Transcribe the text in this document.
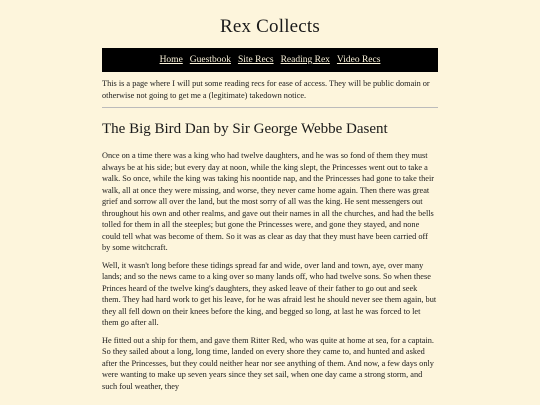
Rex Collects
Home Guestbook Site Recs Reading Rex Video Recs

This is a page where I will put some reading recs for ease of access. They will be public domain or otherwise not going to get me a (legitimate) takedown notice.

The Big Bird Dan by Sir George Webbe Dasent

Once on a time there was a king who had twelve daughters, and he was so fond of them they must always be at his side; but every day at noon, while the king slept, the Princesses went out to take a walk. So once, while the king was taking his noontide nap, and the Princesses had gone to take their walk, all at once they were missing, and worse, they never came home again. Then there was great grief and sorrow all over the land, but the most sorry of all was the king. He sent messengers out throughout his own and other realms, and gave out their names in all the churches, and had the bells tolled for them in all the steeples; but gone the Princesses were, and gone they stayed, and none could tell what was become of them. So it was as clear as day that they must have been carried off by some witchcraft.

Well, it wasn't long before these tidings spread far and wide, over land and town, aye, over many lands; and so the news came to a king over so many lands off, who had twelve sons. So when these Princes heard of the twelve king's daughters, they asked leave of their father to go out and seek them. They had hard work to get his leave, for he was afraid lest he should never see them again, but they all fell down on their knees before the king, and begged so long, at last he was forced to let them go after all.

He fitted out a ship for them, and gave them Ritter Red, who was quite at home at sea, for a captain. So they sailed about a long, long time, landed on every shore they came to, and hunted and asked after the Princesses, but they could neither hear nor see anything of them. And now, a few days only were wanting to make up seven years since they set sail, when one day came a strong storm, and such foul weather, they
